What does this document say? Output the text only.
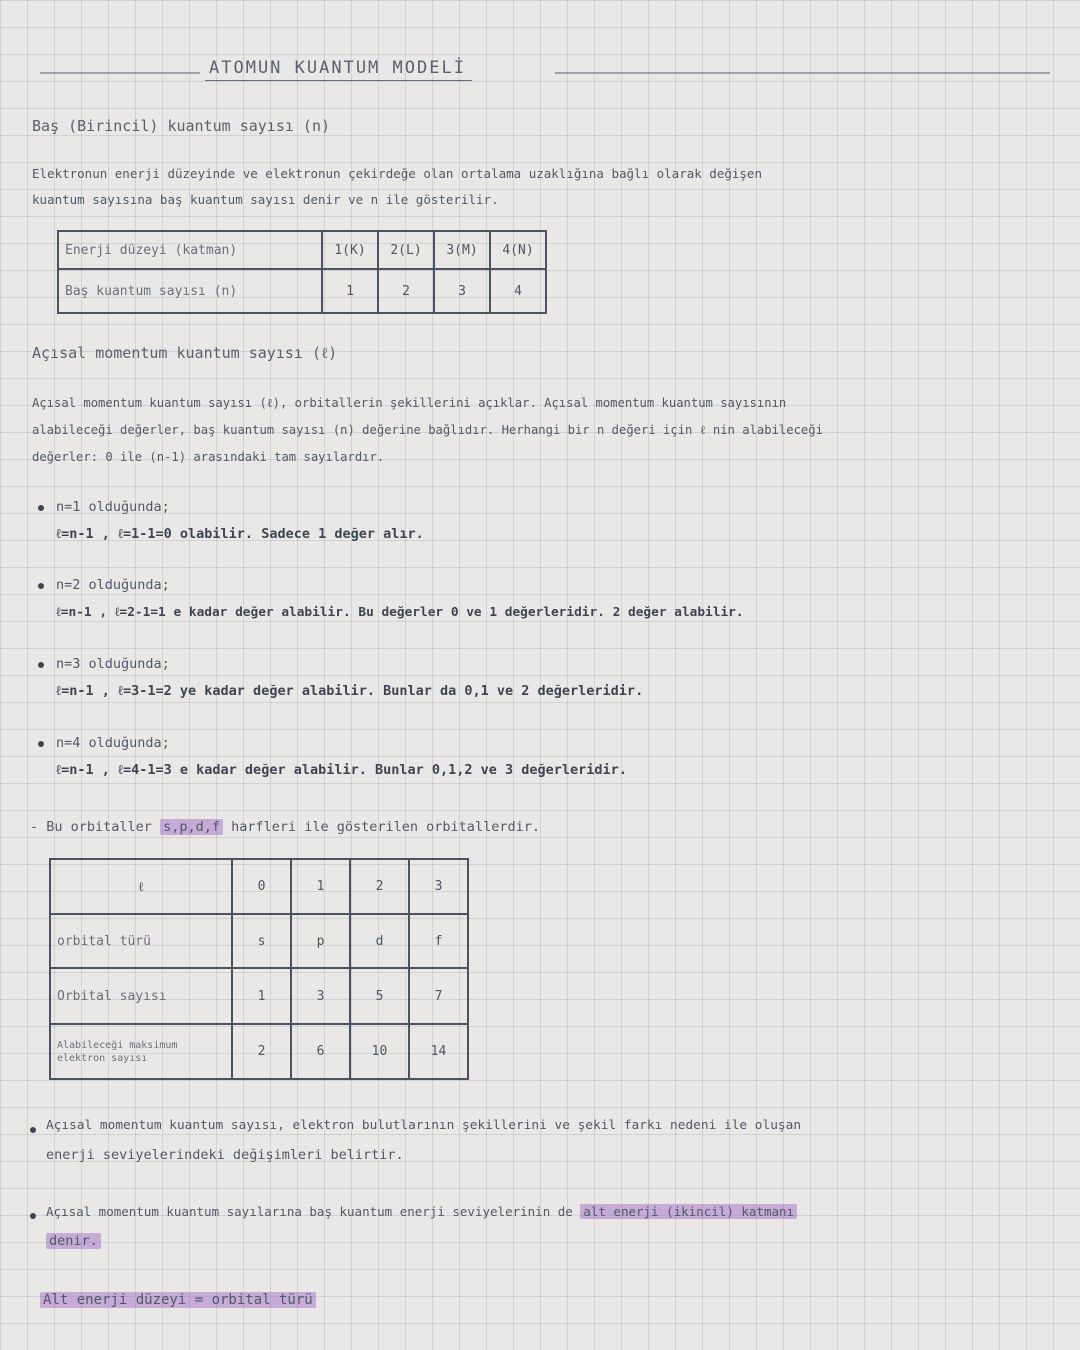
ATOMUN KUANTUM MODELİ
Baş (Birincil) kuantum sayısı (n)
Elektronun enerji düzeyinde ve elektronun çekirdeğe olan ortalama uzaklığına bağlı olarak değişen
kuantum sayısına baş kuantum sayısı denir ve n ile gösterilir.
Enerji düzeyi (katman)	1(K)	2(L)	3(M)	4(N)
Baş kuantum sayısı (n)	1	2	3	4
Açısal momentum kuantum sayısı (ℓ)
Açısal momentum kuantum sayısı (ℓ), orbitallerin şekillerini açıklar. Açısal momentum kuantum sayısının
alabileceği değerler, baş kuantum sayısı (n) değerine bağlıdır. Herhangi bir n değeri için ℓ nin alabileceği
değerler: 0 ile (n-1) arasındaki tam sayılardır.
n=1 olduğunda;
ℓ=n-1 , ℓ=1-1=0 olabilir. Sadece 1 değer alır.
n=2 olduğunda;
ℓ=n-1 , ℓ=2-1=1 e kadar değer alabilir. Bu değerler 0 ve 1 değerleridir. 2 değer alabilir.
n=3 olduğunda;
ℓ=n-1 , ℓ=3-1=2 ye kadar değer alabilir. Bunlar da 0,1 ve 2 değerleridir.
n=4 olduğunda;
ℓ=n-1 , ℓ=4-1=3 e kadar değer alabilir. Bunlar 0,1,2 ve 3 değerleridir.
- Bu orbitaller s,p,d,f harfleri ile gösterilen orbitallerdir.
ℓ	0	1	2	3
orbital türü	s	p	d	f
Orbital sayısı	1	3	5	7

Alabileceği maksimum
elektron sayısı	2	6	10	14
Açısal momentum kuantum sayısı, elektron bulutlarının şekillerini ve şekil farkı nedeni ile oluşan
enerji seviyelerindeki değişimleri belirtir.
Açısal momentum kuantum sayılarına baş kuantum enerji seviyelerinin de alt enerji (ikincil) katmanı
denir.
Alt enerji düzeyi = orbital türü
